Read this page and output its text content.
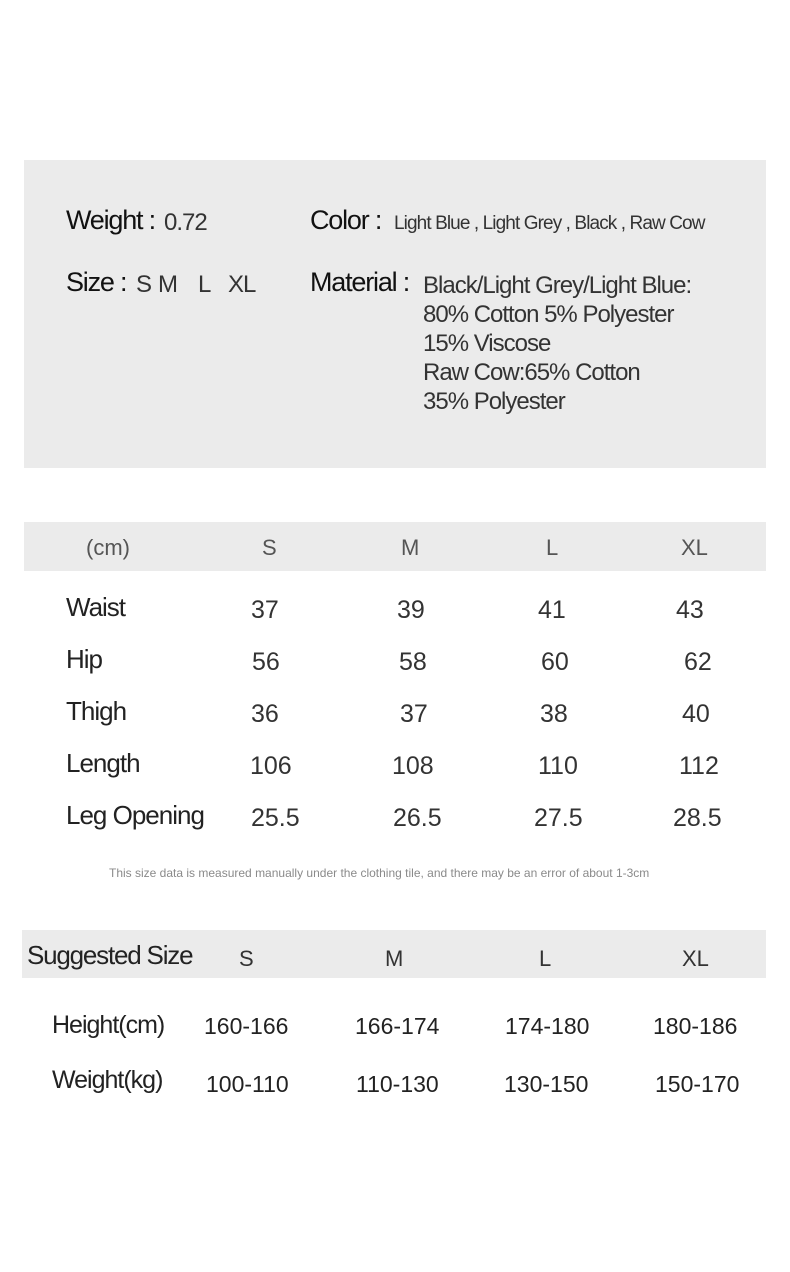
Weight : 0.72	Color : Light Blue , Light Grey , Black , Raw Cow
Size : S M L XL Material : Black/Light Grey/Light Blue:
80% Cotton 5% Polyester
15% Viscose
Raw Cow:65% Cotton
35% Polyester
(cm)	S	M	L	XL
Waist	37	39	41	43
Hip	56	58	60	62
Thigh	36	37	38	40
Length	106	108	110	112
Leg Opening 25.5	26.5	27.5	28.5
This size data is measured manually under the clothing tile, and there may be an error of about 1-3cm
Suggested Size S	M	L	XL
Height(cm) 160-166	166-174	174-180	180-186
Weight(kg) 100-110	110-130	130-150	150-170
